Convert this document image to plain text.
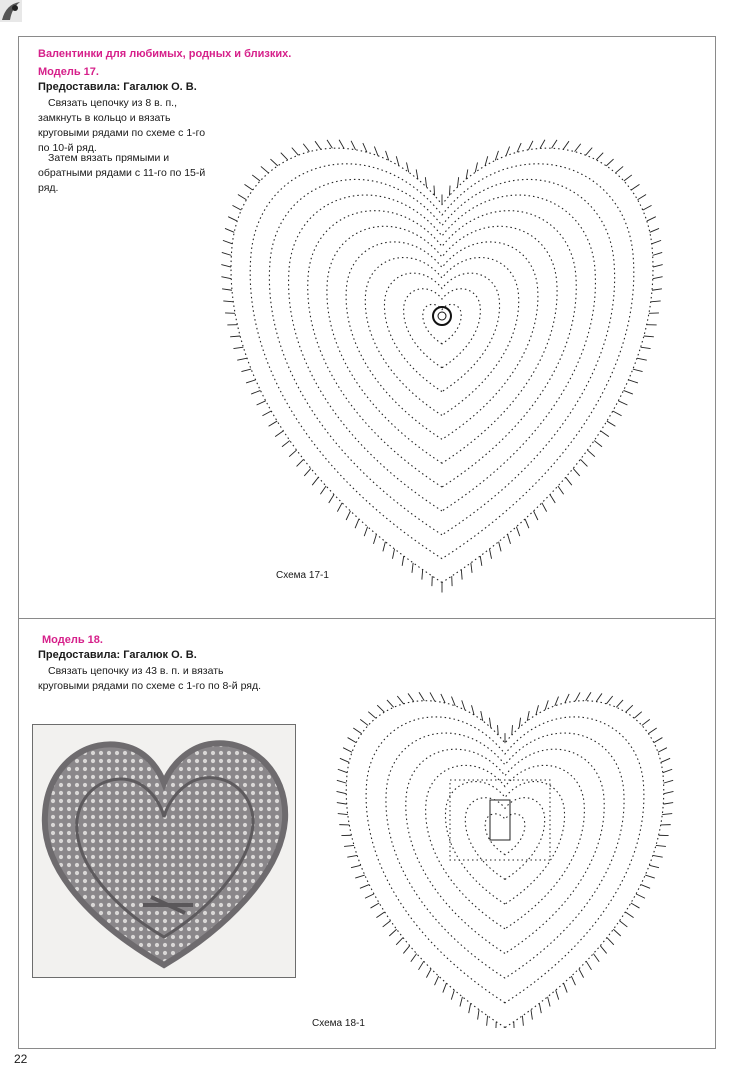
Валентинки для любимых, родных и близких.
Модель 17.
Предоставила: Гагалюк О. В.
Связать цепочку из 8 в. п., замкнуть в кольцо и вязать круговыми рядами по схеме с 1-го по 10-й ряд.
Затем вязать прямыми и обратными рядами с 11-го по 15-й ряд.
Схема 17-1
Модель 18.
Предоставила: Гагалюк О. В.
Связать цепочку из 43 в. п. и вязать круговыми рядами по схеме с 1-го по 8-й ряд.
Схема 18-1
22
